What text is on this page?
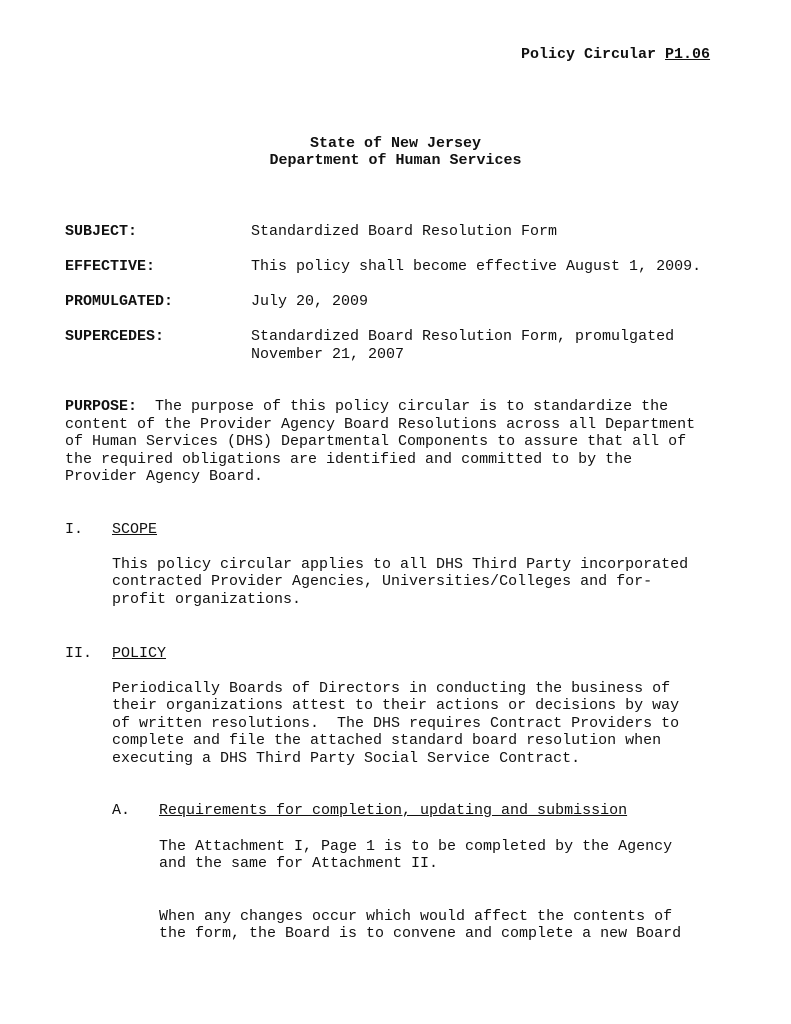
Policy Circular P1.06
State of New Jersey
Department of Human Services
SUBJECT:	Standardized Board Resolution Form
EFFECTIVE:	This policy shall become effective August 1, 2009.
PROMULGATED:	July 20, 2009
SUPERCEDES:	Standardized Board Resolution Form, promulgated
November 21, 2007
PURPOSE:  The purpose of this policy circular is to standardize the
content of the Provider Agency Board Resolutions across all Department
of Human Services (DHS) Departmental Components to assure that all of
the required obligations are identified and committed to by the
Provider Agency Board.
I. SCOPE
This policy circular applies to all DHS Third Party incorporated
contracted Provider Agencies, Universities/Colleges and for-
profit organizations.
II. POLICY
Periodically Boards of Directors in conducting the business of
their organizations attest to their actions or decisions by way
of written resolutions.  The DHS requires Contract Providers to
complete and file the attached standard board resolution when
executing a DHS Third Party Social Service Contract.
A. Requirements for completion, updating and submission
The Attachment I, Page 1 is to be completed by the Agency
and the same for Attachment II.
When any changes occur which would affect the contents of
the form, the Board is to convene and complete a new Board
